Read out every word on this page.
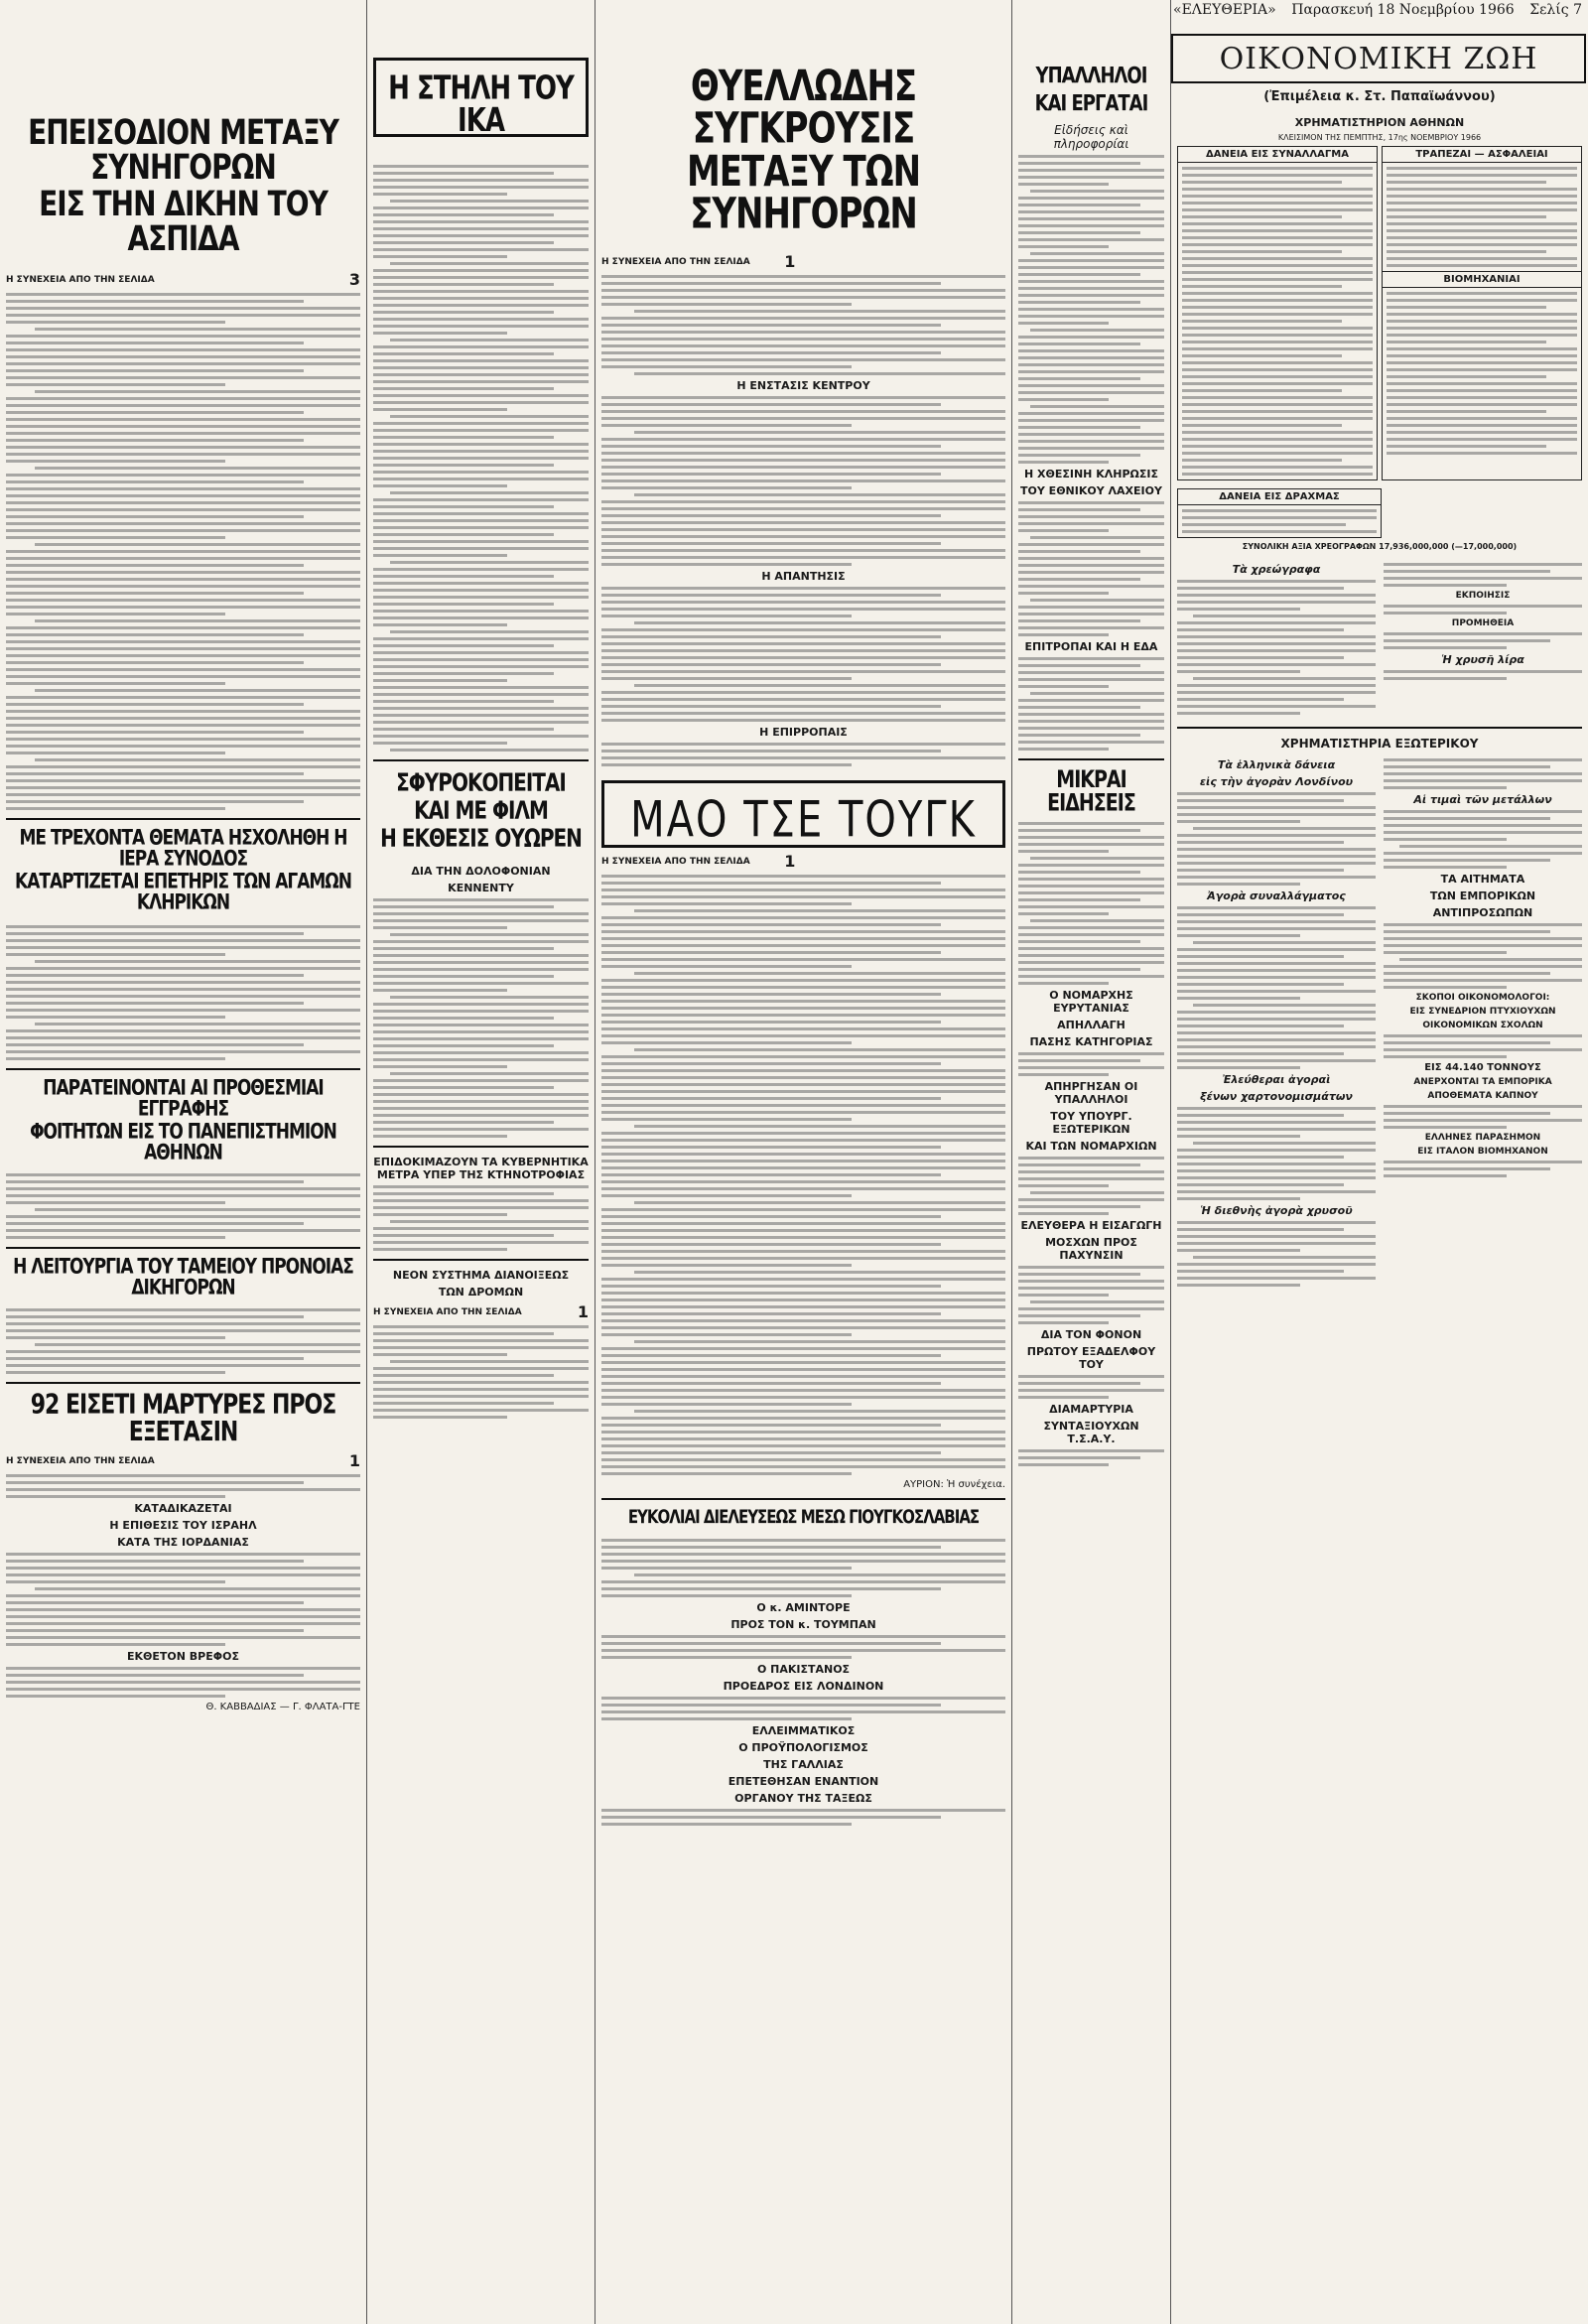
«ΕΛΕΥΘΕΡΙΑ» Παρασκευή 18 Νοεμβρίου 1966 Σελίς 7
ΕΠΕΙΣΟΔΙΟΝ ΜΕΤΑΞΥ ΣΥΝΗΓΟΡΩΝ
ΕΙΣ ΤΗΝ ΔΙΚΗΝ ΤΟΥ ΑΣΠΙΔΑ
Η ΣΥΝΕΧΕΙΑ ΑΠΟ ΤΗΝ ΣΕΛΙΔΑ	3
ΜΕ ΤΡΕΧΟΝΤΑ ΘΕΜΑΤΑ ΗΣΧΟΛΗΘΗ Η ΙΕΡΑ ΣΥΝΟΔΟΣ
ΚΑΤΑΡΤΙΖΕΤΑΙ ΕΠΕΤΗΡΙΣ ΤΩΝ ΑΓΑΜΩΝ ΚΛΗΡΙΚΩΝ
ΠΑΡΑΤΕΙΝΟΝΤΑΙ ΑΙ ΠΡΟΘΕΣΜΙΑΙ ΕΓΓΡΑΦΗΣ
ΦΟΙΤΗΤΩΝ ΕΙΣ ΤΟ ΠΑΝΕΠΙΣΤΗΜΙΟΝ ΑΘΗΝΩΝ
Η ΛΕΙΤΟΥΡΓΙΑ ΤΟΥ ΤΑΜΕΙΟΥ ΠΡΟΝΟΙΑΣ ΔΙΚΗΓΟΡΩΝ
92 ΕΙΣΕΤΙ ΜΑΡΤΥΡΕΣ ΠΡΟΣ ΕΞΕΤΑΣΙΝ
Η ΣΥΝΕΧΕΙΑ ΑΠΟ ΤΗΝ ΣΕΛΙΔΑ	1
ΚΑΤΑΔΙΚΑΖΕΤΑΙ
Η ΕΠΙΘΕΣΙΣ ΤΟΥ ΙΣΡΑΗΛ
ΚΑΤΑ ΤΗΣ ΙΟΡΔΑΝΙΑΣ
ΕΚΘΕΤΟΝ ΒΡΕΦΟΣ
Θ. ΚΑΒΒΑΔΙΑΣ — Γ. ΦΛΑΤΑ-ΓΤΕ
Η ΣΤΗΛΗ ΤΟΥ ΙΚΑ
ΣΦΥΡΟΚΟΠΕΙΤΑΙ
ΚΑΙ ΜΕ ΦΙΛΜ
Η ΕΚΘΕΣΙΣ ΟΥΩΡΕΝ
ΔΙΑ ΤΗΝ ΔΟΛΟΦΟΝΙΑΝ
ΚΕΝΝΕΝΤΥ
ΕΠΙΔΟΚΙΜΑΖΟΥΝ ΤΑ ΚΥΒΕΡΝΗΤΙΚΑ ΜΕΤΡΑ ΥΠΕΡ ΤΗΣ ΚΤΗΝΟΤΡΟΦΙΑΣ
ΝΕΟΝ ΣΥΣΤΗΜΑ ΔΙΑΝΟΙΞΕΩΣ
ΤΩΝ ΔΡΟΜΩΝ
Η ΣΥΝΕΧΕΙΑ ΑΠΟ ΤΗΝ ΣΕΛΙΔΑ	1
ΘΥΕΛΛΩΔΗΣ ΣΥΓΚΡΟΥΣΙΣ
ΜΕΤΑΞΥ ΤΩΝ ΣΥΝΗΓΟΡΩΝ
Η ΣΥΝΕΧΕΙΑ ΑΠΟ ΤΗΝ ΣΕΛΙΔΑ 1
Η ΕΝΣΤΑΣΙΣ ΚΕΝΤΡΟΥ
Η ΑΠΑΝΤΗΣΙΣ
Η ΕΠΙΡΡΟΠΑΙΣ
ΜΑΟ ΤΣΕ ΤΟΥΓΚ
Η ΣΥΝΕΧΕΙΑ ΑΠΟ ΤΗΝ ΣΕΛΙΔΑ 1
ΑΥΡΙΟΝ: Ἡ συνέχεια.
ΕΥΚΟΛΙΑΙ ΔΙΕΛΕΥΣΕΩΣ ΜΕΣΩ ΓΙΟΥΓΚΟΣΛΑΒΙΑΣ
Ο κ. ΑΜΙΝΤΟΡΕ
ΠΡΟΣ ΤΟΝ κ. ΤΟΥΜΠΑΝ
Ο ΠΑΚΙΣΤΑΝΟΣ
ΠΡΟΕΔΡΟΣ ΕΙΣ ΛΟΝΔΙΝΟΝ
ΕΛΛΕΙΜΜΑΤΙΚΟΣ
Ο ΠΡΟΫΠΟΛΟΓΙΣΜΟΣ
ΤΗΣ ΓΑΛΛΙΑΣ
ΕΠΕΤΕΘΗΣΑΝ ΕΝΑΝΤΙΟΝ
ΟΡΓΑΝΟΥ ΤΗΣ ΤΑΞΕΩΣ
ΥΠΑΛΛΗΛΟΙ
ΚΑΙ ΕΡΓΑΤΑΙ
Εἰδήσεις καὶ πληροφορίαι
Η ΧΘΕΣΙΝΗ ΚΛΗΡΩΣΙΣ
ΤΟΥ ΕΘΝΙΚΟΥ ΛΑΧΕΙΟΥ
ΕΠΙΤΡΟΠΑΙ ΚΑΙ Η ΕΔΑ
ΜΙΚΡΑΙ ΕΙΔΗΣΕΙΣ
Ο ΝΟΜΑΡΧΗΣ ΕΥΡΥΤΑΝΙΑΣ
ΑΠΗΛΛΑΓΗ
ΠΑΣΗΣ ΚΑΤΗΓΟΡΙΑΣ
ΑΠΗΡΓΗΣΑΝ ΟΙ ΥΠΑΛΛΗΛΟΙ
ΤΟΥ ΥΠΟΥΡΓ. ΕΞΩΤΕΡΙΚΩΝ
ΚΑΙ ΤΩΝ ΝΟΜΑΡΧΙΩΝ
ΕΛΕΥΘΕΡΑ Η ΕΙΣΑΓΩΓΗ
ΜΟΣΧΩΝ ΠΡΟΣ ΠΑΧΥΝΣΙΝ
ΔΙΑ ΤΟΝ ΦΟΝΟΝ
ΠΡΩΤΟΥ ΕΞΑΔΕΛΦΟΥ ΤΟΥ
ΔΙΑΜΑΡΤΥΡΙΑ
ΣΥΝΤΑΞΙΟΥΧΩΝ Τ.Σ.Α.Υ.
ΟΙΚΟΝΟΜΙΚΗ ΖΩΗ
(Ἐπιμέλεια κ. Στ. Παπαϊωάννου)
ΧΡΗΜΑΤΙΣΤΗΡΙΟΝ ΑΘΗΝΩΝ
ΚΛΕΙΣΙΜΟΝ ΤΗΣ ΠΕΜΠΤΗΣ, 17ης ΝΟΕΜΒΡΙΟΥ 1966
ΔΑΝΕΙΑ ΕΙΣ ΣΥΝΑΛΛΑΓΜΑ	ΤΡΑΠΕΖΑΙ — ΑΣΦΑΛΕΙΑΙ
ΒΙΟΜΗΧΑΝΙΑΙ
ΔΑΝΕΙΑ ΕΙΣ ΔΡΑΧΜΑΣ
ΣΥΝΟΛΙΚΗ ΑΞΙΑ ΧΡΕΟΓΡΑΦΩΝ 17,936,000,000 (—17,000,000)
Τὰ χρεώγραφα
ΕΚΠΟΙΗΣΙΣ
ΠΡΟΜΗΘΕΙΑ
Ἡ χρυσῆ λίρα
ΧΡΗΜΑΤΙΣΤΗΡΙΑ ΕΞΩΤΕΡΙΚΟΥ
Τὰ ἑλληνικὰ δάνεια
εἰς τὴν ἀγορὰν Λονδίνου
Ἀγορὰ συναλλάγματος
Ἐλεύθεραι ἀγοραὶ
ξένων χαρτονομισμάτων
Ἡ διεθνὴς ἀγορὰ χρυσοῦ
Αἱ τιμαὶ τῶν μετάλλων
ΤΑ ΑΙΤΗΜΑΤΑ
ΤΩΝ ΕΜΠΟΡΙΚΩΝ
ΑΝΤΙΠΡΟΣΩΠΩΝ
ΣΚΟΠΟΙ ΟΙΚΟΝΟΜΟΛΟΓΟΙ:
ΕΙΣ ΣΥΝΕΔΡΙΟΝ ΠΤΥΧΙΟΥΧΩΝ
ΟΙΚΟΝΟΜΙΚΩΝ ΣΧΟΛΩΝ
ΕΙΣ 44.140 ΤΟΝΝΟΥΣ
ΑΝΕΡΧΟΝΤΑΙ ΤΑ ΕΜΠΟΡΙΚΑ
ΑΠΟΘΕΜΑΤΑ ΚΑΠΝΟΥ
ΕΛΛΗΝΕΣ ΠΑΡΑΣΗΜΟΝ
ΕΙΣ ΙΤΑΛΟΝ ΒΙΟΜΗΧΑΝΟΝ
